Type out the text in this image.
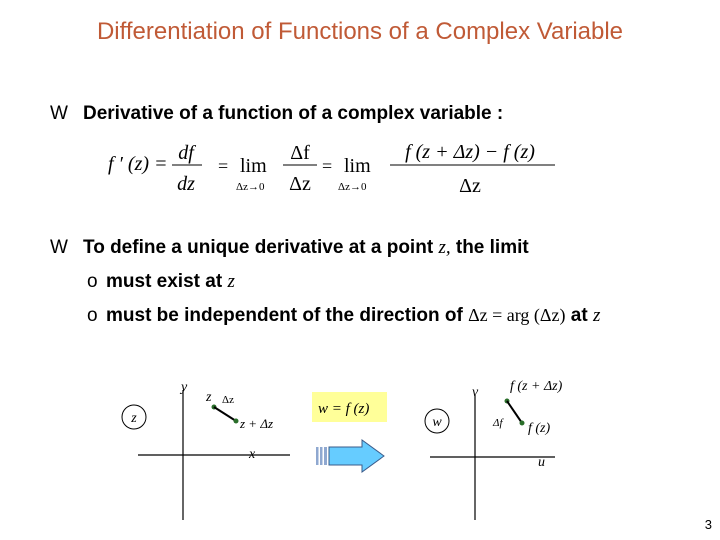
Differentiation of Functions of a Complex Variable
W Derivative of a function of a complex variable :
f ′ (z) = df
dz
= lim
Δz→0
Δf
Δz
= lim
Δz→0
f (z + Δz) − f (z)
Δz
W To define a unique derivative at a point z, the limit
o must exist at z
o must be independent of the direction of Δz = arg (Δz) at z
y
x
z
z Δz
z + Δz
w = f (z)
v
u
w
f (z + Δz)
Δf f (z)
3
